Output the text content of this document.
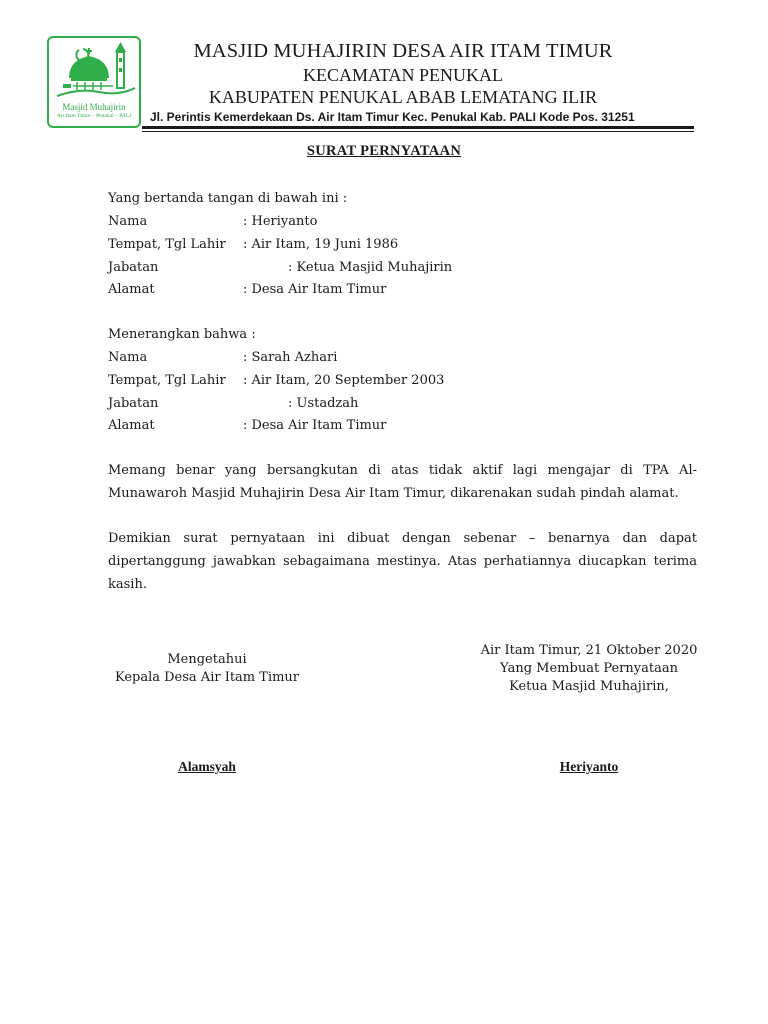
Masjid Muhajirin
Air Itam Timur – Penukal – PALI
MASJID MUHAJIRIN DESA AIR ITAM TIMUR
KECAMATAN PENUKAL
KABUPATEN PENUKAL ABAB LEMATANG ILIR
Jl. Perintis Kemerdekaan Ds. Air Itam Timur Kec. Penukal Kab. PALI Kode Pos. 31251
SURAT PERNYATAAN
Yang bertanda tangan di bawah ini :
Nama	: Heriyanto
Tempat, Tgl Lahir : Air Itam, 19 Juni 1986
Jabatan	: Ketua Masjid Muhajirin
Alamat	: Desa Air Itam Timur
Menerangkan bahwa :
Nama	: Sarah Azhari
Tempat, Tgl Lahir : Air Itam, 20 September 2003
Jabatan	: Ustadzah
Alamat	: Desa Air Itam Timur
Memang benar yang bersangkutan di atas tidak aktif lagi mengajar di TPA Al-Munawaroh Masjid Muhajirin Desa Air Itam Timur, dikarenakan sudah pindah alamat.
Demikian surat pernyataan ini dibuat dengan sebenar – benarnya dan dapat dipertanggung jawabkan sebagaimana mestinya. Atas perhatiannya diucapkan terima kasih.
Mengetahui
Kepala Desa Air Itam Timur
Alamsyah
Air Itam Timur, 21 Oktober 2020
Yang Membuat Pernyataan
Ketua Masjid Muhajirin,
Heriyanto
